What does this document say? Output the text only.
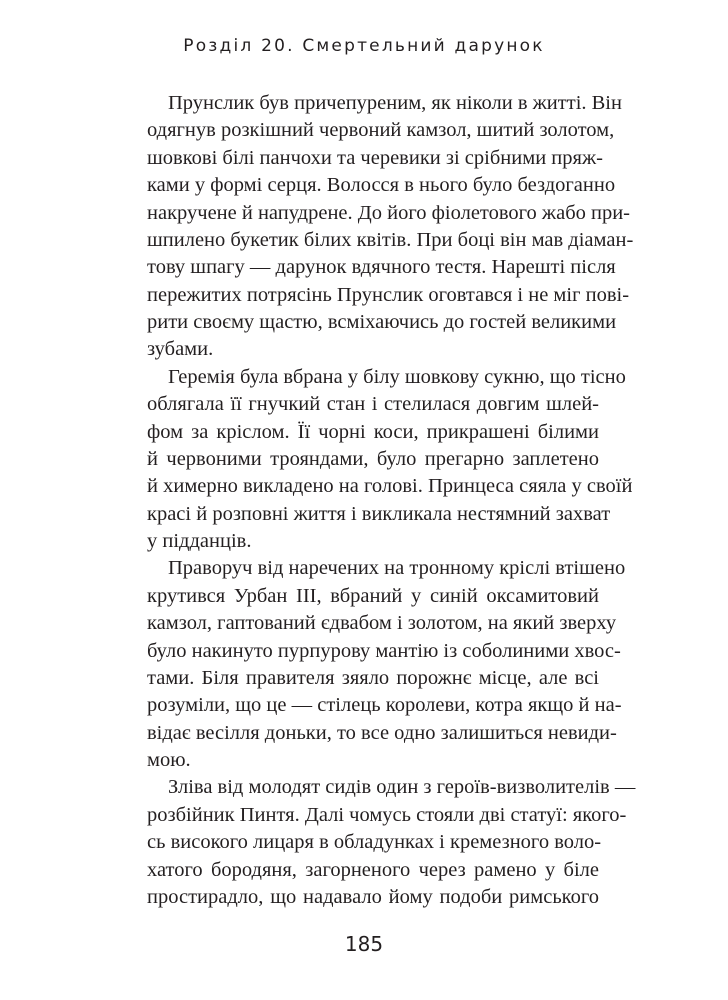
Розділ 20. Смертельний дарунок
Прунслик був причепуреним, як ніколи в житті. Він
одягнув розкішний червоний камзол, шитий золотом,
шовкові білі панчохи та черевики зі срібними пряж-
ками у формі серця. Волосся в нього було бездоганно
накручене й напудрене. До його фіолетового жабо при-
шпилено букетик білих квітів. При боці він мав діаман-
тову шпагу — дарунок вдячного тестя. Нарешті після
пережитих потрясінь Прунслик оговтався і не міг пові-
рити своєму щастю, всміхаючись до гостей великими
зубами.
Геремія була вбрана у білу шовкову сукню, що тісно
облягала її гнучкий стан і стелилася довгим шлей-
фом за кріслом. Її чорні коси, прикрашені білими
й червоними трояндами, було прегарно заплетено
й химерно викладено на голові. Принцеса сяяла у своїй
красі й розповні життя і викликала нестямний захват
у підданців.
Праворуч від наречених на тронному кріслі втішено
крутився Урбан III, вбраний у синій оксамитовий
камзол, гаптований єдвабом і золотом, на який зверху
було накинуто пурпурову мантію із соболиними хвос-
тами. Біля правителя зяяло порожнє місце, але всі
розуміли, що це — стілець королеви, котра якщо й на-
відає весілля доньки, то все одно залишиться невиди-
мою.
Зліва від молодят сидів один з героїв-визволителів —
розбійник Пинтя. Далі чомусь стояли дві статуї: якого-
сь високого лицаря в обладунках і кремезного воло-
хатого бородяня, загорненого через рамено у біле
простирадло, що надавало йому подоби римського
185
